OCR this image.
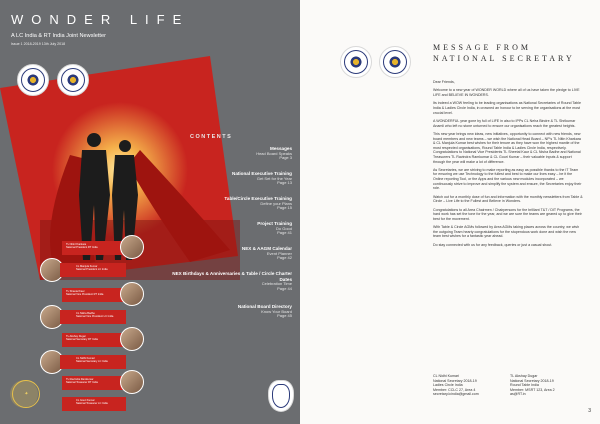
WONDER LIFE
A LC India & RT India Joint Newsletter
Issue 1 2018-2019 13th July 2018
CONTENTS
Messages
Head Board Speaks
Page 3
National Executive Training
Get Set for the Year
Page 13
Table/Circle Executive Training
Define your Plans
Page 15
Project Training
Do Good
Page 41
NEX & AAGM Calendar
Event Planner
Page 42
NEX Birthdays & Anniversaries & Table / Circle Charter Dates
Celebration Time
Page 44
National Board Directory
Know Your Board
Page 45
TL Nitin Kharkara
National President RT India
CL Manjula Kumar
National President LC India
TL Sheetal Kaur
National Vice President RT India
CL Nisha Badhe
National Vice President LC India
TL Akshay Dugar
National Secretary RT India
CL Nidhi Kumari
National Secretary LC India
TL Ravindra Ramkumar
National Treasurer RT India
CL Gouri Kumar
National Treasurer LC India
✦
MESSAGE FROM
NATIONAL SECRETARY

Dear Friends,

Welcome to a new year of WONDER WORLD where all of us have taken the pledge to LIVE LIFE and BELIEVE IN WONDERS.

Its indeed a WOW feeling to be leading organisations as National Secretaries of Round Table India & Ladies Circle India, in crowned an honour to be serving the organisations at the most crucial level.

A WONDERFUL year gone by full of LIFE in also to IPPs CL Neha Bindre & TL Shrikumar Anamli who left no stone unturned to ensure our organisations reach the greatest heights.

This new year brings new ideas, new initiatives, opportunity to connect with new friends, new board members and new teams – we wish the National Head Board – NP's TL Nitin Kharkara & CL Manjula Kumar best wishes for their tenure as they have won the highest mantle of the most respected organisations, Round Table India & Ladies Circle India, respectively. Congratulations to National Vice Presidents TL Sheetal Kaur & CL Nisha Badhe and National Treasurers TL Ravindra Ramkumar & CL Gouri Kumar – their valuable inputs & support through the year will make a lot of difference.

As Secretaries, we are striving to make reporting as easy as possible thanks to the IT Team for ensuring we use Technology to the fullest and best to make our lives easy – be it the Online reporting Tool, or the Apps and the various new modules incorporated – we continuously strive to improve and simplify the system and ensure, the Secretaries enjoy their role.

Watch out for a monthly dose of fun and information with the monthly newsletters from Table & Circle – Live Life to the Fullest and Believe in Wonders.

Congratulations to all Area Chairmen / Chairpersons for the brilliant T&T / DIT Programs, the hard work has set the tone for the year, and we are sure the teams are geared up to give their best for the movement.

With Table & Circle AGMs followed by Area AGMs taking places across the country, we wish the outgoing Team hearty congratulations for the stupendous work done and wish the new team best wishes for a fantastic year ahead.

Do stay connected with us for any feedback, queries or just a casual shout.

CL Nidhi Kumari
National Secretary 2018-19
Ladies Circle India
Member: CCLC 27, Area 4
secretary.lcindia@gmail.com
TL Akshay Dugar
National Secretary 2018-19
Round Table India
Member: MSRT 123, Area 2
as@RT.in
3
